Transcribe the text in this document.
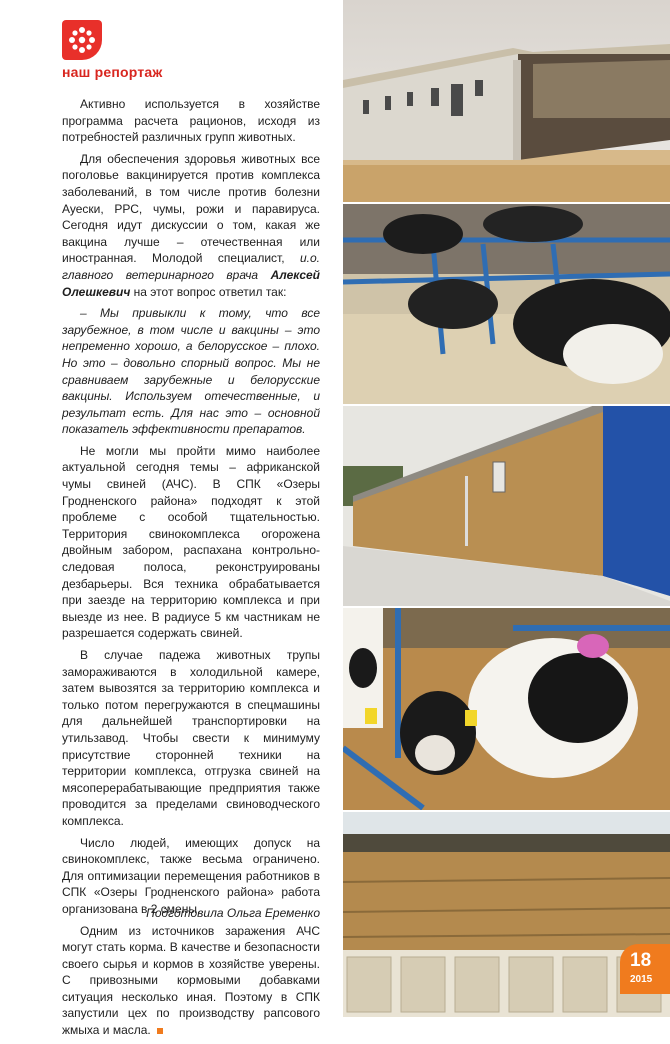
наш репортаж

Активно используется в хозяйстве программа расчета рационов, исходя из потребностей различных групп животных.

Для обеспечения здоровья животных все поголовье вакцинируется против комплекса заболеваний, в том числе против болезни Ауески, РРС, чумы, рожи и паравируса. Сегодня идут дискуссии о том, какая же вакцина лучше – отечественная или иностранная. Молодой специалист, и.о. главного ветеринарного врача Алексей Олешкевич на этот вопрос ответил так:

– Мы привыкли к тому, что все зарубежное, в том числе и вакцины – это непременно хорошо, а белорусское – плохо. Но это – довольно спорный вопрос. Мы не сравниваем зарубежные и белорусские вакцины. Используем отечественные, и результат есть. Для нас это – основной показатель эффективности препаратов.

Не могли мы пройти мимо наиболее актуальной сегодня темы – африканской чумы свиней (АЧС). В СПК «Озеры Гродненского района» подходят к этой проблеме с особой тщательностью. Территория свинокомплекса огорожена двойным забором, распахана контрольно-следовая полоса, реконструированы дезбарьеры. Вся техника обрабатывается при заезде на территорию комплекса и при выезде из нее. В радиусе 5 км частникам не разрешается содержать свиней.

В случае падежа животных трупы замораживаются в холодильной камере, затем вывозятся за территорию комплекса и только потом перегружаются в спецмашины для дальнейшей транспортировки на утильзавод. Чтобы свести к минимуму присутствие сторонней техники на территории комплекса, отгрузка свиней на мясоперерабатывающие предприятия также проводится за пределами свиноводческого комплекса.

Число людей, имеющих допуск на свинокомплекс, также весьма ограничено. Для оптимизации перемещения работников в СПК «Озеры Гродненского района» работа организована в 2 смены.

Одним из источников заражения АЧС могут стать корма. В качестве и безопасности своего сырья и кормов в хозяйстве уверены. С привозными кормовыми добавками ситуация несколько иная. Поэтому в СПК запустили цех по производству рапсового жмыха и масла.

Подготовила Ольга Еременко
18
2015
